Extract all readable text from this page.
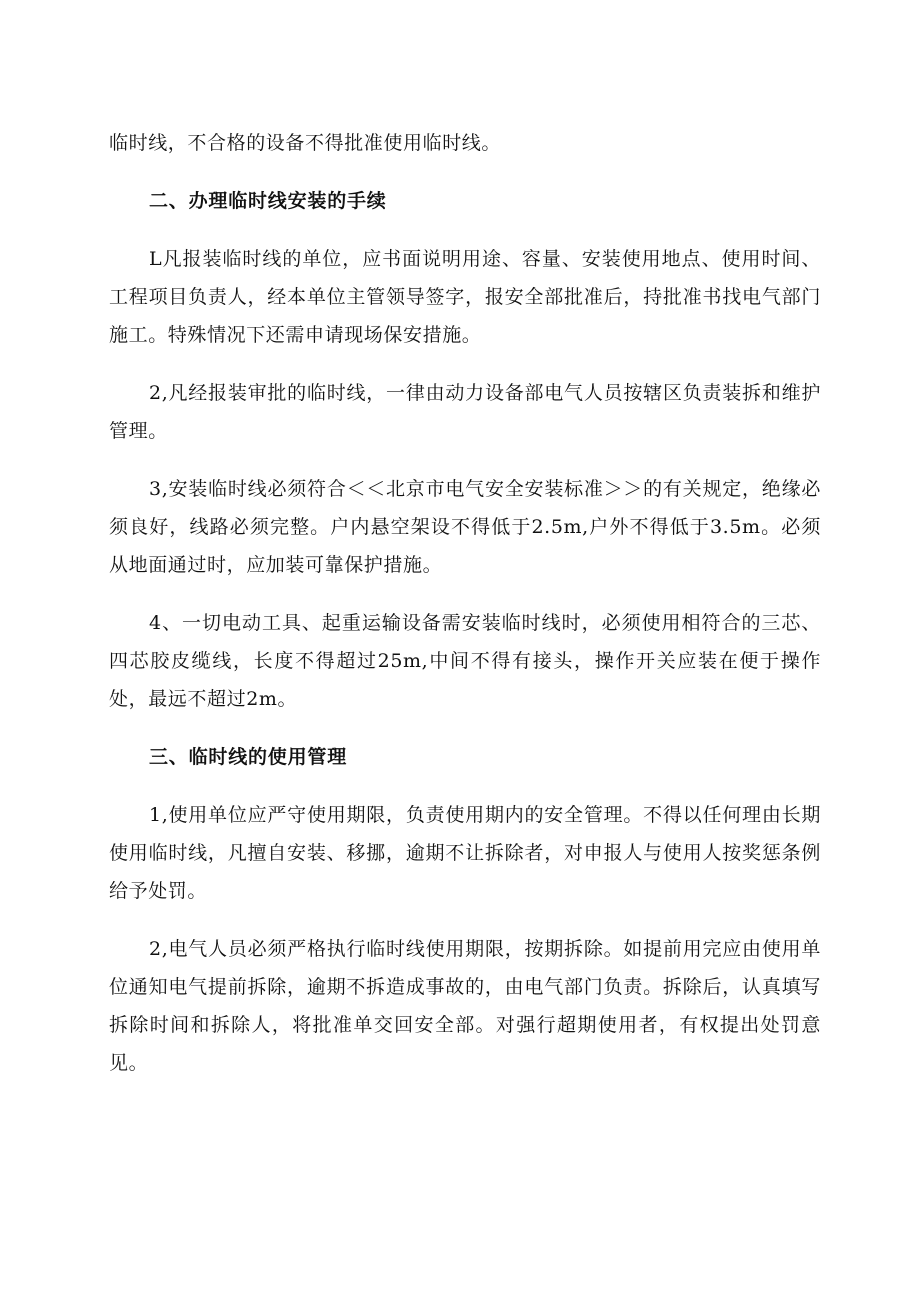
临时线，不合格的设备不得批准使用临时线。

二、办理临时线安装的手续

L凡报装临时线的单位，应书面说明用途、容量、安装使用地点、使用时间、工程项目负责人，经本单位主管领导签字，报安全部批准后，持批准书找电气部门施工。特殊情况下还需申请现场保安措施。

2,凡经报装审批的临时线，一律由动力设备部电气人员按辖区负责装拆和维护管理。

3,安装临时线必须符合＜＜北京市电气安全安装标准＞＞的有关规定，绝缘必须良好，线路必须完整。户内悬空架设不得低于2.5m,户外不得低于3.5m。必须从地面通过时，应加装可靠保护措施。

4、一切电动工具、起重运输设备需安装临时线时，必须使用相符合的三芯、四芯胶皮缆线，长度不得超过25m,中间不得有接头，操作开关应装在便于操作处，最远不超过2m。

三、临时线的使用管理

1,使用单位应严守使用期限，负责使用期内的安全管理。不得以任何理由长期使用临时线，凡擅自安装、移挪，逾期不让拆除者，对申报人与使用人按奖惩条例给予处罚。

2,电气人员必须严格执行临时线使用期限，按期拆除。如提前用完应由使用单位通知电气提前拆除，逾期不拆造成事故的，由电气部门负责。拆除后，认真填写拆除时间和拆除人，将批准单交回安全部。对强行超期使用者，有权提出处罚意见。
